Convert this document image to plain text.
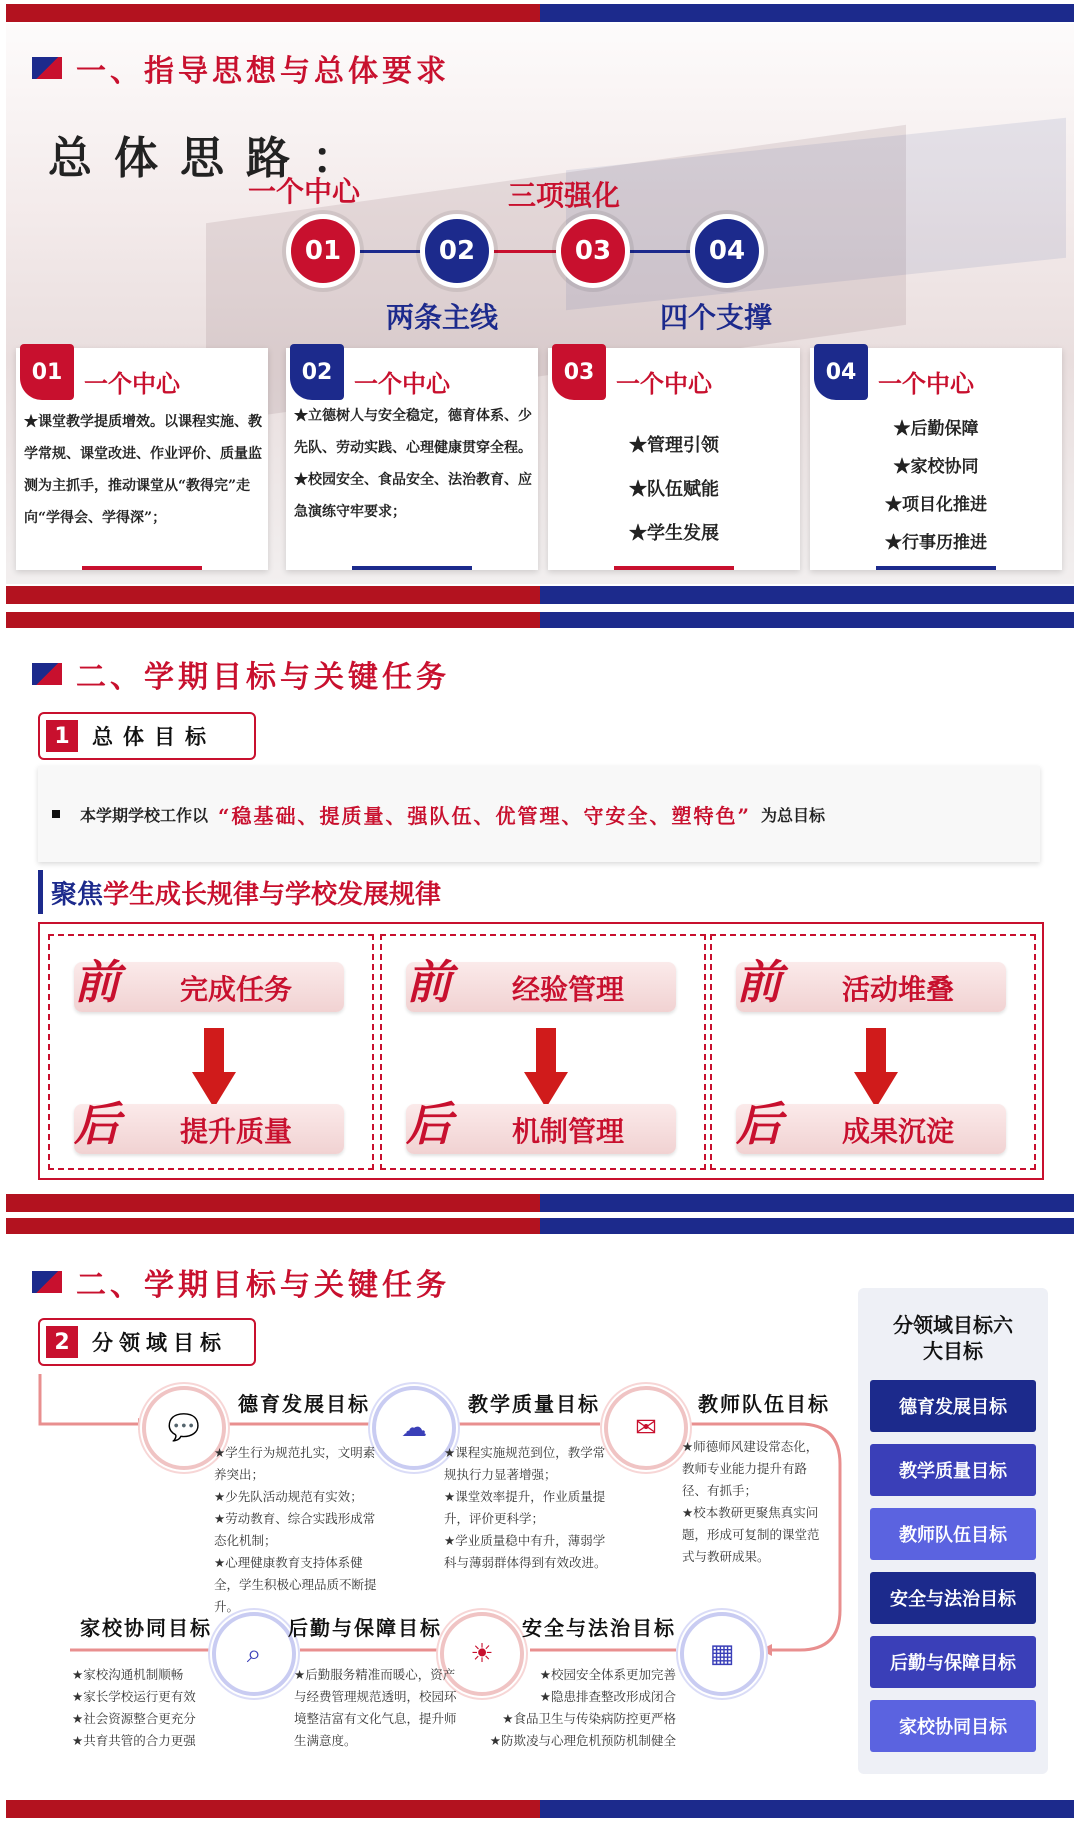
一、指导思想与总体要求
总体思路：
一个中心	三项强化
两条主线	四个支撑
01	02	03	04
01 一个中心
★课堂教学提质增效。以课程实施、教学常规、课堂改进、作业评价、质量监测为主抓手，推动课堂从“教得完”走向“学得会、学得深”；
02 一个中心
★立德树人与安全稳定，德育体系、少先队、劳动实践、心理健康贯穿全程。
★校园安全、食品安全、法治教育、应急演练守牢要求；
03 一个中心
★管理引领
★队伍赋能
★学生发展
04 一个中心
★后勤保障
★家校协同
★项目化推进
★行事历推进
二、学期目标与关键任务
1	总体目标
本学期学校工作以 “稳基础、提质量、强队伍、优管理、守安全、塑特色” 为总目标
聚焦 学生成长规律与学校发展规律
前 完成任务
后 提升质量
前 经验管理
后 机制管理
前 活动堆叠
后 成果沉淀
二、学期目标与关键任务
2	分领域目标
💬	☁	✉
▦
☀
⌕
德育发展目标
★学生行为规范扎实，文明素养突出；
★少先队活动规范有实效；
★劳动教育、综合实践形成常态化机制；
★心理健康教育支持体系健全，学生积极心理品质不断提升。
教学质量目标
★课程实施规范到位，教学常规执行力显著增强；
★课堂效率提升，作业质量提升，评价更科学；
★学业质量稳中有升，薄弱学科与薄弱群体得到有效改进。
教师队伍目标
★师德师风建设常态化，教师专业能力提升有路径、有抓手；
★校本教研更聚焦真实问题，形成可复制的课堂范式与教研成果。
安全与法治目标
★校园安全体系更加完善
★隐患排查整改形成闭合
★食品卫生与传染病防控更严格
★防欺凌与心理危机预防机制健全
后勤与保障目标
★后勤服务精准而暖心，资产与经费管理规范透明，校园环境整洁富有文化气息，提升师生满意度。
家校协同目标
★家校沟通机制顺畅
★家长学校运行更有效
★社会资源整合更充分
★共育共管的合力更强
分领域目标六
大目标
德育发展目标
教学质量目标
教师队伍目标
安全与法治目标
后勤与保障目标
家校协同目标
